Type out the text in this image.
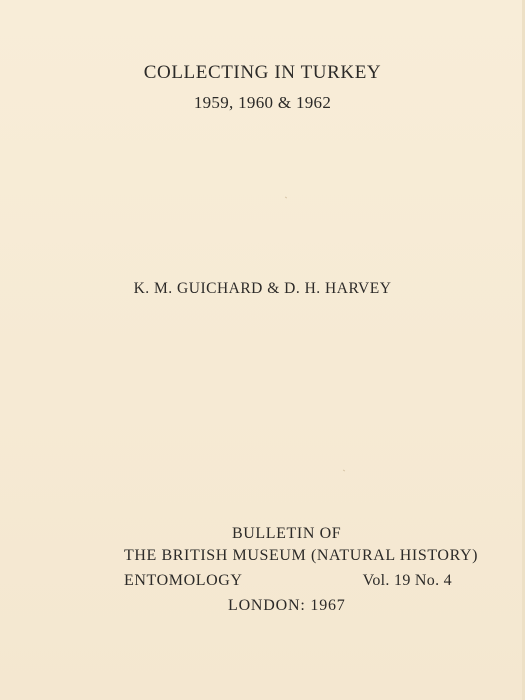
COLLECTING IN TURKEY
1959, 1960 & 1962
K. M. GUICHARD & D. H. HARVEY
BULLETIN OF
THE BRITISH MUSEUM (NATURAL HISTORY)
ENTOMOLOGY	Vol. 19 No. 4
LONDON: 1967
